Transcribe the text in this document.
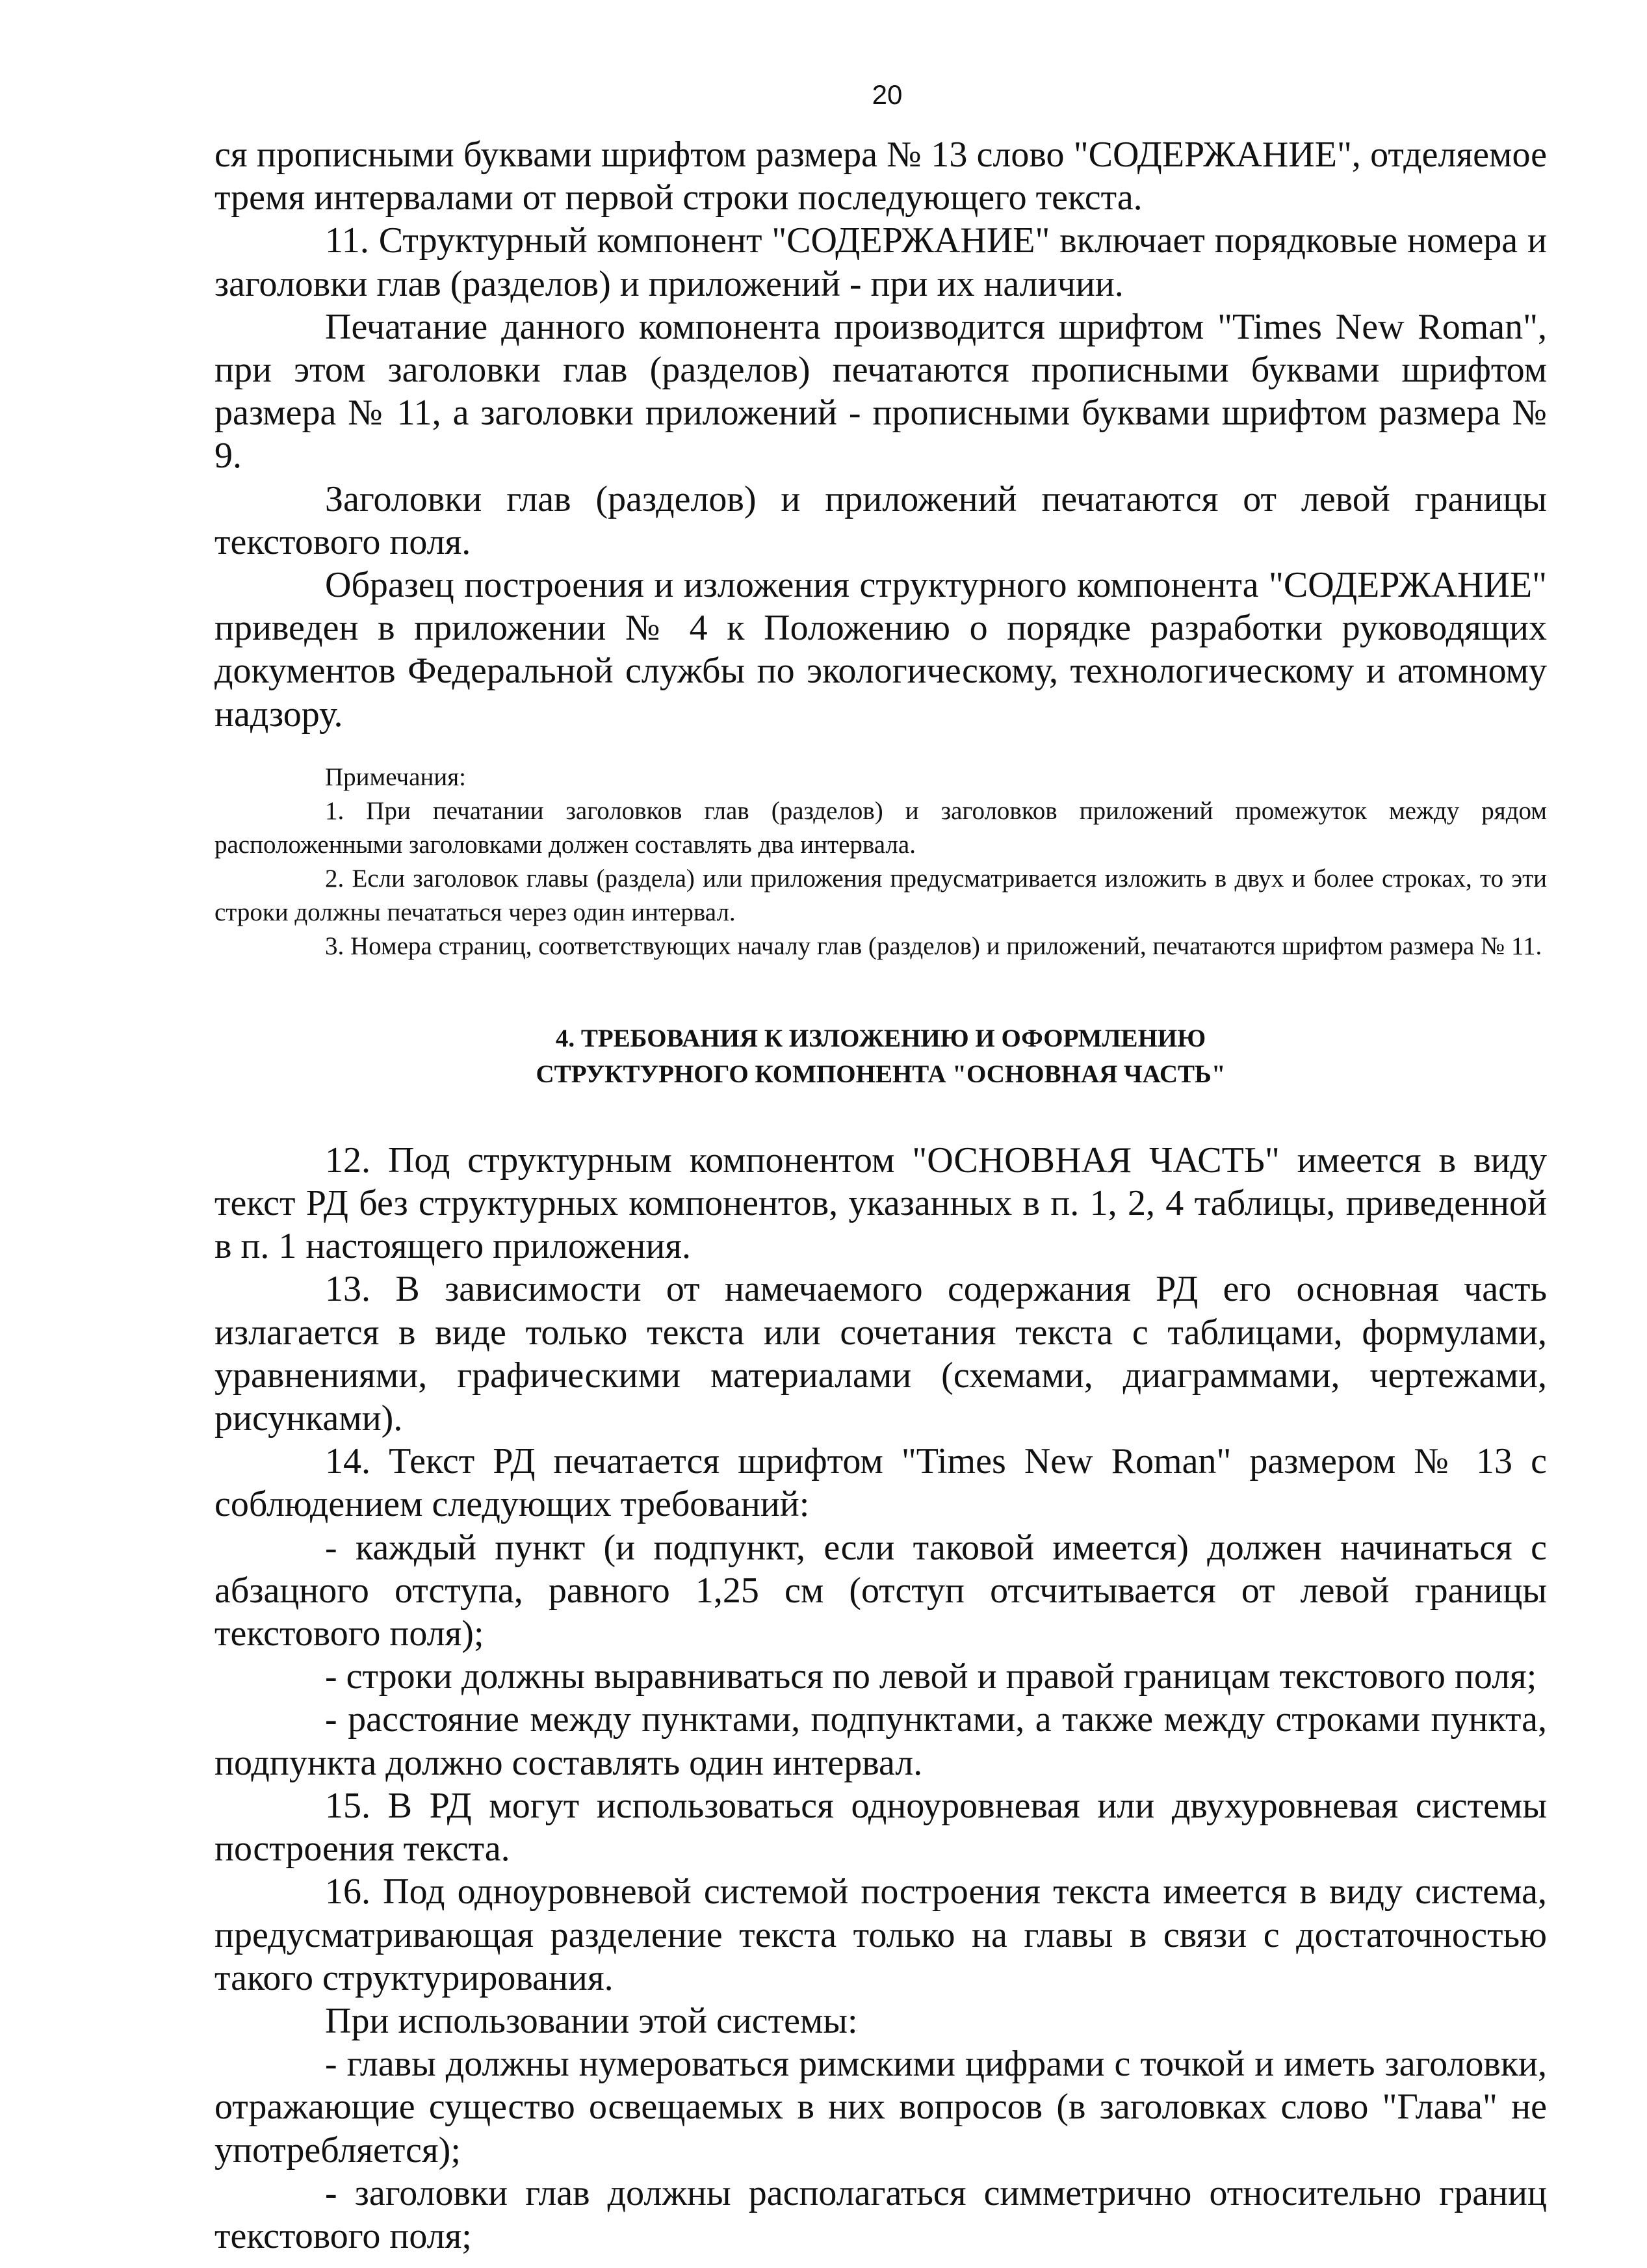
20

ся прописными буквами шрифтом размера № 13 слово "СОДЕРЖАНИЕ", отделяемое тремя интервалами от первой строки последующего текста.

11. Структурный компонент "СОДЕРЖАНИЕ" включает порядковые номера и заголовки глав (разделов) и приложений - при их наличии.

Печатание данного компонента производится шрифтом "Times New Roman", при этом заголовки глав (разделов) печатаются прописными буквами шрифтом размера № 11, а заголовки приложений - прописными буквами шрифтом размера № 9.

Заголовки глав (разделов) и приложений печатаются от левой границы текстового поля.

Образец построения и изложения структурного компонента "СОДЕРЖАНИЕ" приведен в приложении № 4 к Положению о порядке разработки руководящих документов Федеральной службы по экологическому, технологическому и атомному надзору.

Примечания:

1. При печатании заголовков глав (разделов) и заголовков приложений промежуток между рядом расположенными заголовками должен составлять два интервала.

2. Если заголовок главы (раздела) или приложения предусматривается изложить в двух и более строках, то эти строки должны печататься через один интервал.

3. Номера страниц, соответствующих началу глав (разделов) и приложений, печатаются шрифтом размера № 11.

4. ТРЕБОВАНИЯ К ИЗЛОЖЕНИЮ И ОФОРМЛЕНИЮ
СТРУКТУРНОГО КОМПОНЕНТА "ОСНОВНАЯ ЧАСТЬ"

12. Под структурным компонентом "ОСНОВНАЯ ЧАСТЬ" имеется в виду текст РД без структурных компонентов, указанных в п. 1, 2, 4 таблицы, приведенной в п. 1 настоящего приложения.

13. В зависимости от намечаемого содержания РД его основная часть излагается в виде только текста или сочетания текста с таблицами, формулами, уравнениями, графическими материалами (схемами, диаграммами, чертежами, рисунками).

14. Текст РД печатается шрифтом "Times New Roman" размером № 13 с соблюдением следующих требований:

- каждый пункт (и подпункт, если таковой имеется) должен начинаться с абзацного отступа, равного 1,25 см (отступ отсчитывается от левой границы текстового поля);

- строки должны выравниваться по левой и правой границам текстового поля;

- расстояние между пунктами, подпунктами, а также между строками пункта, подпункта должно составлять один интервал.

15. В РД могут использоваться одноуровневая или двухуровневая системы построения текста.

16. Под одноуровневой системой построения текста имеется в виду система, предусматривающая разделение текста только на главы в связи с достаточностью такого структурирования.

При использовании этой системы:

- главы должны нумероваться римскими цифрами с точкой и иметь заголовки, отражающие существо освещаемых в них вопросов (в заголовках слово "Глава" не употребляется);

- заголовки глав должны располагаться симметрично относительно границ текстового поля;
